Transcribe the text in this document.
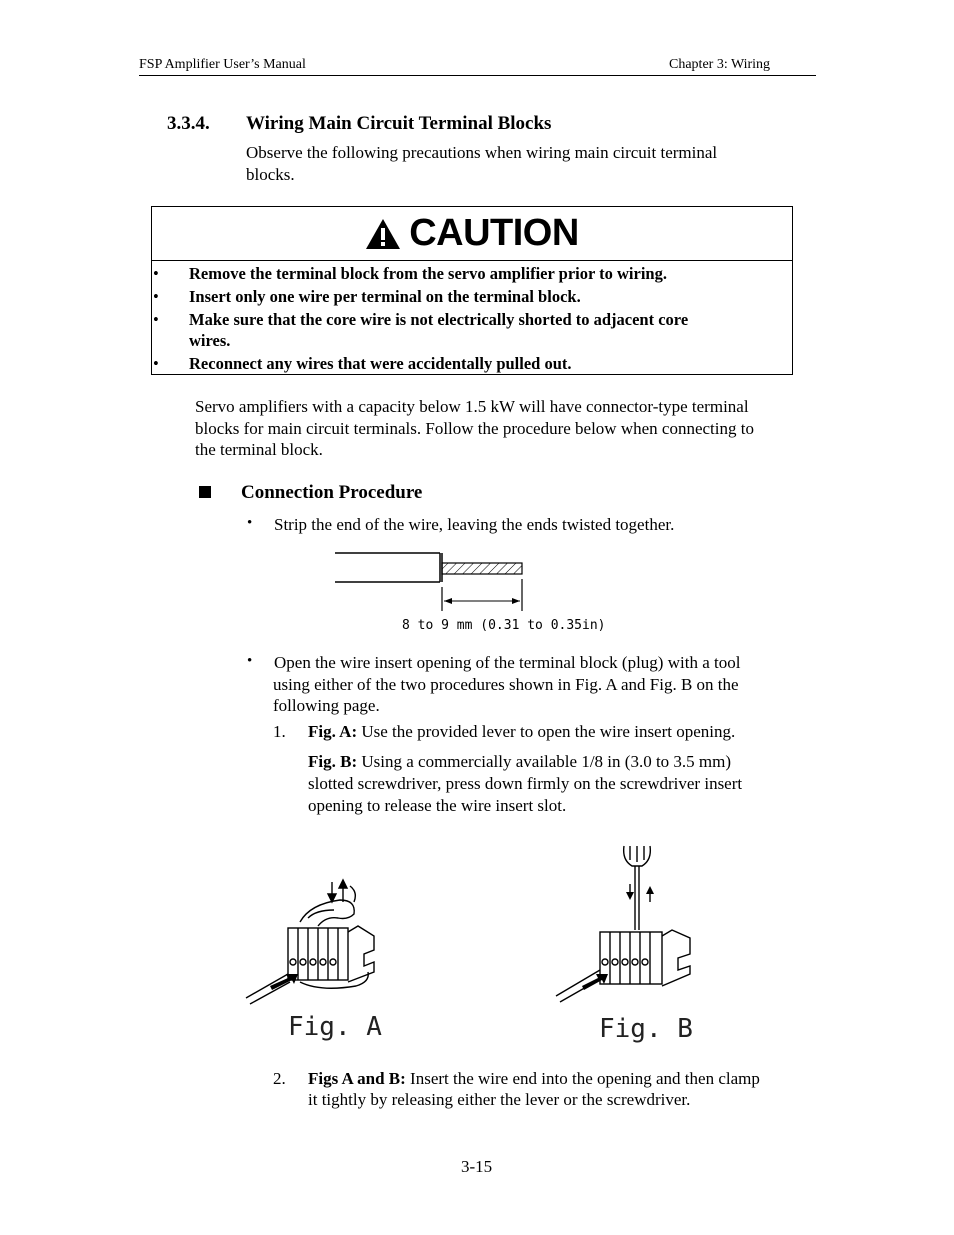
FSP Amplifier User’s Manual	Chapter 3: Wiring
3.3.4. Wiring Main Circuit Terminal Blocks
Observe the following precautions when wiring main circuit terminal
blocks.
CAUTION
• Remove the terminal block from the servo amplifier prior to wiring.
• Insert only one wire per terminal on the terminal block.
• Make sure that the core wire is not electrically shorted to adjacent core
wires.
• Reconnect any wires that were accidentally pulled out.
Servo amplifiers with a capacity below 1.5 kW will have connector-type terminal
blocks for main circuit terminals. Follow the procedure below when connecting to
the terminal block.
Connection Procedure
• Strip the end of the wire, leaving the ends twisted together.
8 to 9 mm (0.31 to 0.35in)
• Open the wire insert opening of the terminal block (plug) with a tool
using either of the two procedures shown in Fig. A and Fig. B on the
following page.
1. Fig. A: Use the provided lever to open the wire insert opening.
Fig. B: Using a commercially available 1/8 in (3.0 to 3.5 mm)
slotted screwdriver, press down firmly on the screwdriver insert
opening to release the wire insert slot.
Fig. A	Fig. B
2. Figs A and B: Insert the wire end into the opening and then clamp
it tightly by releasing either the lever or the screwdriver.
3-15
